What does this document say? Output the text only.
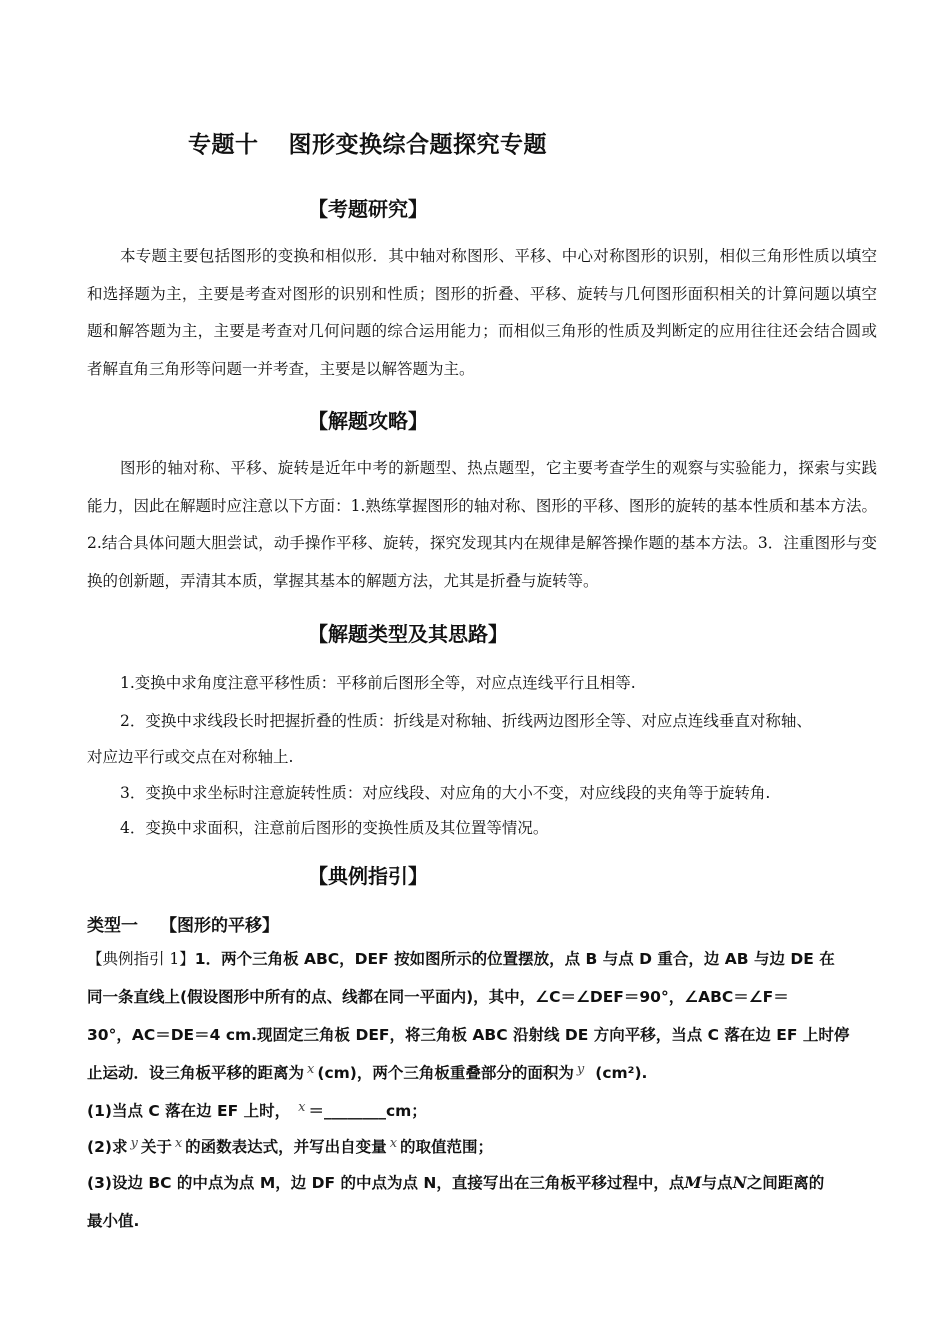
专题十 图形变换综合题探究专题
【考题研究】

本专题主要包括图形的变换和相似形．其中轴对称图形、平移、中心对称图形的识别，相似三角形性质以填空和选择题为主，主要是考查对图形的识别和性质；图形的折叠、平移、旋转与几何图形面积相关的计算问题以填空题和解答题为主，主要是考查对几何问题的综合运用能力；而相似三角形的性质及判断定的应用往往还会结合圆或者解直角三角形等问题一并考查，主要是以解答题为主。

【解题攻略】

图形的轴对称、平移、旋转是近年中考的新题型、热点题型，它主要考查学生的观察与实验能力，探索与实践能力，因此在解题时应注意以下方面：1.熟练掌握图形的轴对称、图形的平移、图形的旋转的基本性质和基本方法。2.结合具体问题大胆尝试，动手操作平移、旋转，探究发现其内在规律是解答操作题的基本方法。3．注重图形与变换的创新题，弄清其本质，掌握其基本的解题方法，尤其是折叠与旋转等。

【解题类型及其思路】
1.变换中求角度注意平移性质：平移前后图形全等，对应点连线平行且相等.
2．变换中求线段长时把握折叠的性质：折线是对称轴、折线两边图形全等、对应点连线垂直对称轴、
对应边平行或交点在对称轴上.
3．变换中求坐标时注意旋转性质：对应线段、对应角的大小不变，对应线段的夹角等于旋转角.
4．变换中求面积，注意前后图形的变换性质及其位置等情况。
【典例指引】
类型一 【图形的平移】
【典例指引 1】1．两个三角板 ABC，DEF 按如图所示的位置摆放，点 B 与点 D 重合，边 AB 与边 DE 在
同一条直线上(假设图形中所有的点、线都在同一平面内)，其中，∠C＝∠DEF＝90°，∠ABC＝∠F＝
30°，AC＝DE＝4 cm.现固定三角板 DEF，将三角板 ABC 沿射线 DE 方向平移，当点 C 落在边 EF 上时停
止运动．设三角板平移的距离为 $^x$ (cm)，两个三角板重叠部分的面积为 $^y$ (cm²).
(1)当点 C 落在边 EF 上时， $^x$ ＝________cm；
(2)求 $^y$ 关于 $^x$ 的函数表达式，并写出自变量 $^x$ 的取值范围；
(3)设边 BC 的中点为点 M，边 DF 的中点为点 N，直接写出在三角板平移过程中，点M与点N之间距离的
最小值.
